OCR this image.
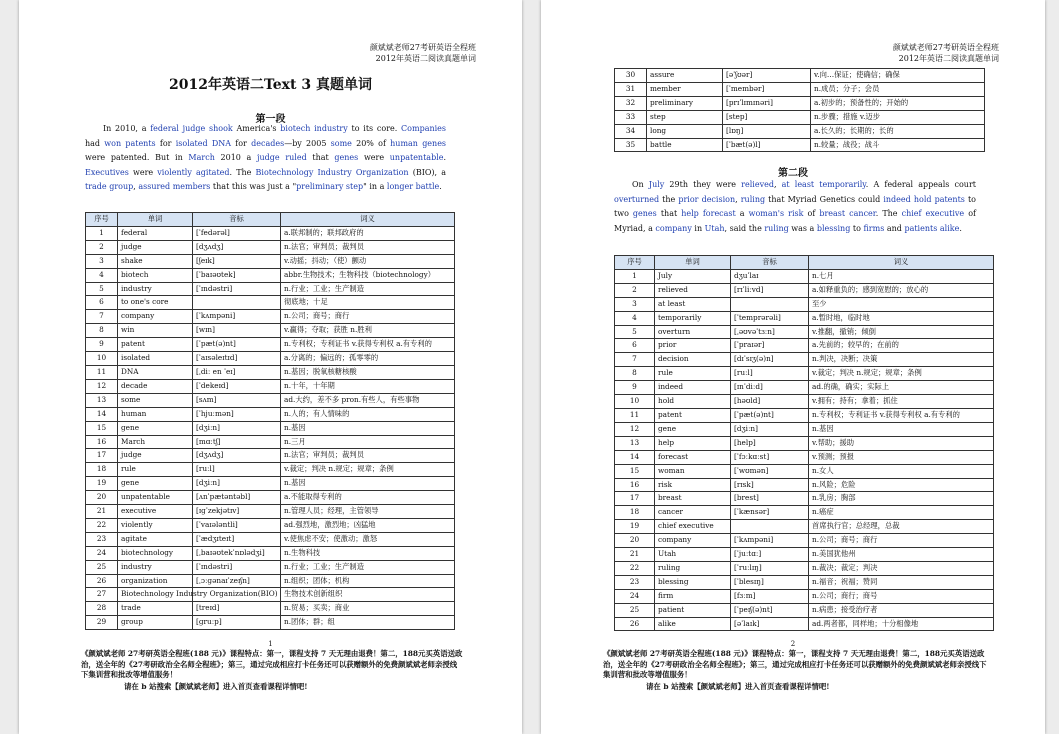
颜斌斌老师27考研英语全程班
2012年英语二阅读真题单词
2012年英语二Text 3 真题单词
第一段
In 2010, a federal judge shook America's biotech industry to its core. Companies had won patents for isolated DNA for decades—by 2005 some 20% of human genes were patented. But in March 2010 a judge ruled that genes were unpatentable. Executives were violently agitated. The Biotechnology Industry Organization (BIO), a trade group, assured members that this was just a "preliminary step" in a longer battle.
序号	单词	音标	词义
1	federal	[ˈfedərəl]	a.联邦制的；联邦政府的
2	judge	[dʒʌdʒ]	n.法官；审判员；裁判员
3	shake	[ʃeɪk]	v.动摇；抖动；（使）颤动
4	biotech	[ˈbaɪəʊtek]	abbr.生物技术；生物科技（biotechnology）
5	industry	[ˈɪndəstri]	n.行业；工业；生产制造
6	to one's core		彻底地；十足
7	company	[ˈkʌmpəni]	n.公司；商号；商行
8	win	[wɪn]	v.赢得；夺取；获胜 n.胜利
9	patent	[ˈpæt(ə)nt]	n.专利权；专利证书 v.获得专利权 a.有专利的
10	isolated	[ˈaɪsəleɪtɪd]	a.分离的；偏远的；孤零零的
11	DNA	[ˌdiː en ˈeɪ]	n.基因；脱氧核糖核酸
12	decade	[ˈdekeɪd]	n.十年，十年期
13	some	[sʌm]	ad.大约，差不多 pron.有些人，有些事物
14	human	[ˈhjuːmən]	n.人的；有人情味的
15	gene	[dʒiːn]	n.基因
16	March	[mɑːtʃ]	n.三月
17	judge	[dʒʌdʒ]	n.法官；审判员；裁判员
18	rule	[ruːl]	v.裁定；判决 n.规定；规章；条例
19	gene	[dʒiːn]	n.基因
20	unpatentable	[ʌnˈpætəntəbl]	a.不能取得专利的
21	executive	[ɪɡˈzekjətɪv]	n.管理人员；经理，主管领导
22	violently	[ˈvaɪələntli]	ad.强烈地，激烈地；凶猛地
23	agitate	[ˈædʒɪteɪt]	v.使焦虑不安；使激动；激怒
24	biotechnology	[ˌbaɪəʊtekˈnɒlədʒi]	n.生物科技
25	industry	[ˈɪndəstri]	n.行业；工业；生产制造
26	organization	[ˌɔːɡənaɪˈzeɪʃn]	n.组织；团体；机构
27	Biotechnology Industry Organization(BIO)		生物技术创新组织
28	trade	[treɪd]	n.贸易；买卖；商业
29	group	[ɡruːp]	n.团体；群；组
1
《颜斌斌老师 27考研英语全程班(188 元)》课程特点：第一，课程支持 7 天无理由退费！第二，188元买英语送政治，送全年的《27考研政治全名师全程班》；第三，通过完成相应打卡任务还可以获赠额外的免费颜斌斌老师亲授线下集训营和批改等增值服务！
请在 b 站搜索【颜斌斌老师】进入首页查看课程详情吧!
颜斌斌老师27考研英语全程班
2012年英语二阅读真题单词
30	assure	[əˈʃʊər]	v.向…保证；使确信；确保
31	member	[ˈmembər]	n.成员；分子；会员
32	preliminary	[prɪˈlɪmɪnəri]	a.初步的；预备性的；开始的
33	step	[step]	n.步骤；措施 v.迈步
34	long	[lɒŋ]	a.长久的；长期的；长的
35	battle	[ˈbæt(ə)l]	n.较量；战役；战斗
第二段
On July 29th they were relieved, at least temporarily. A federal appeals court overturned the prior decision, ruling that Myriad Genetics could indeed hold patents to two genes that help forecast a woman's risk of breast cancer. The chief executive of Myriad, a company in Utah, said the ruling was a blessing to firms and patients alike.
序号	单词	音标	词义
1	July	dʒuˈlaɪ	n.七月
2	relieved	[rɪˈliːvd]	a.如释重负的；感到宽慰的；放心的
3	at least		至少
4	temporarily	[ˈtemprərəli]	a.暂时地，临时地
5	overturn	[ˌəʊvəˈtɜːn]	v.推翻，撤销；倾倒
6	prior	[ˈpraɪər]	a.先前的；较早的；在前的
7	decision	[dɪˈsɪʒ(ə)n]	n.判决，决断；决策
8	rule	[ruːl]	v.裁定；判决 n.规定；规章；条例
9	indeed	[ɪnˈdiːd]	ad.的确，确实；实际上
10	hold	[həʊld]	v.拥有；持有；拿着；抓住
11	patent	[ˈpæt(ə)nt]	n.专利权；专利证书 v.获得专利权 a.有专利的
12	gene	[dʒiːn]	n.基因
13	help	[help]	v.帮助；援助
14	forecast	[ˈfɔːkɑːst]	v.预测；预报
15	woman	[ˈwʊmən]	n.女人
16	risk	[rɪsk]	n.风险；危险
17	breast	[brest]	n.乳房；胸部
18	cancer	[ˈkænsər]	n.癌症
19	chief executive		首席执行官；总经理，总裁
20	company	[ˈkʌmpəni]	n.公司；商号；商行
21	Utah	[ˈjuːtɑː]	n.美国犹他州
22	ruling	[ˈruːlɪŋ]	n.裁决；裁定；判决
23	blessing	[ˈblesɪŋ]	n.福音；祝福；赞同
24	firm	[fɜːm]	n.公司；商行；商号
25	patient	[ˈpeɪʃ(ə)nt]	n.病患；接受治疗者
26	alike	[əˈlaɪk]	ad.两者都，同样地；十分相像地
2
《颜斌斌老师 27考研英语全程班(188 元)》课程特点：第一，课程支持 7 天无理由退费！第二，188元买英语送政治，送全年的《27考研政治全名师全程班》；第三，通过完成相应打卡任务还可以获赠额外的免费颜斌斌老师亲授线下集训营和批改等增值服务！
请在 b 站搜索【颜斌斌老师】进入首页查看课程详情吧!
